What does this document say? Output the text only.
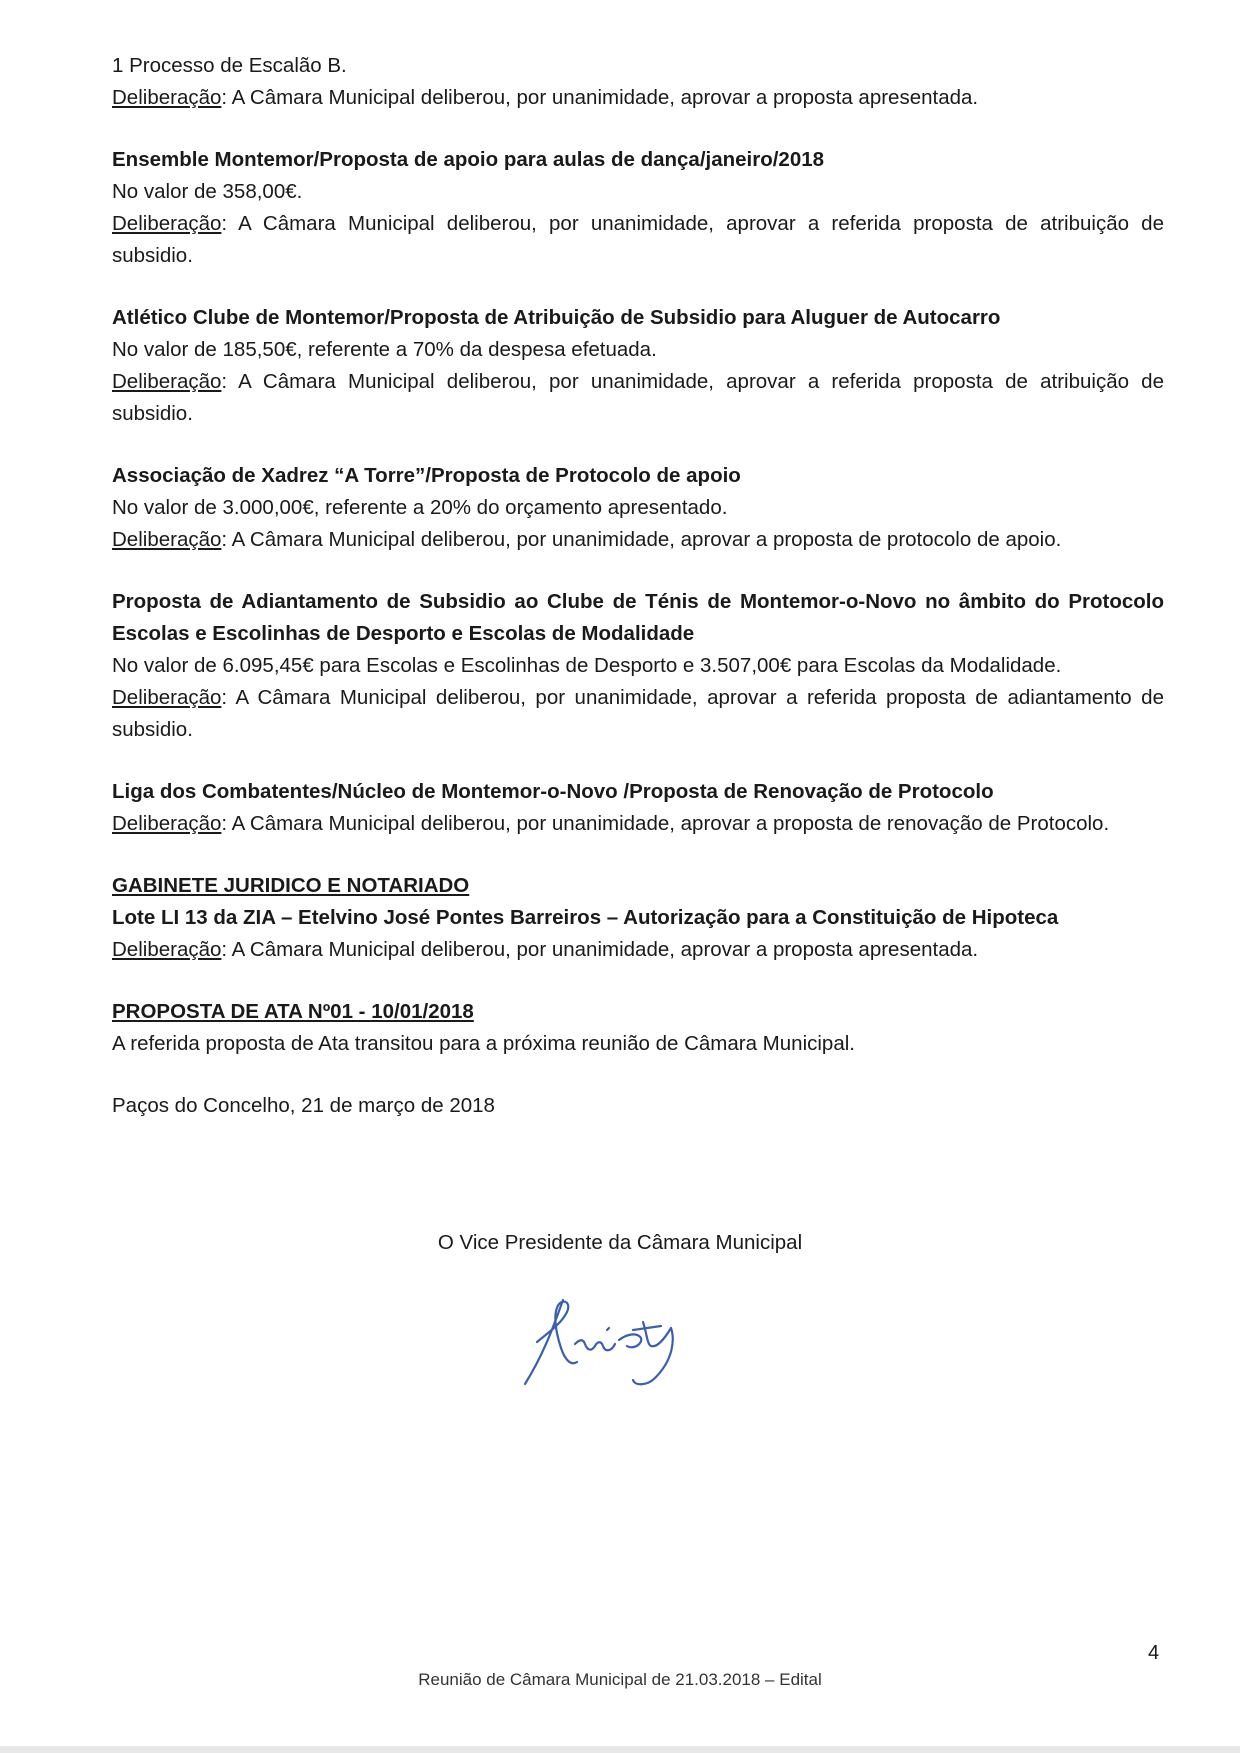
1 Processo de Escalão B.

Deliberação: A Câmara Municipal deliberou, por unanimidade, aprovar a proposta apresentada.

Ensemble Montemor/Proposta de apoio para aulas de dança/janeiro/2018

No valor de 358,00€.

Deliberação: A Câmara Municipal deliberou, por unanimidade, aprovar a referida proposta de atribuição de subsidio.

Atlético Clube de Montemor/Proposta de Atribuição de Subsidio para Aluguer de Autocarro

No valor de 185,50€, referente a 70% da despesa efetuada.

Deliberação: A Câmara Municipal deliberou, por unanimidade, aprovar a referida proposta de atribuição de subsidio.

Associação de Xadrez “A Torre”/Proposta de Protocolo de apoio

No valor de 3.000,00€, referente a 20% do orçamento apresentado.

Deliberação: A Câmara Municipal deliberou, por unanimidade, aprovar a proposta de protocolo de apoio.

Proposta de Adiantamento de Subsidio ao Clube de Ténis de Montemor-o-Novo no âmbito do Protocolo Escolas e Escolinhas de Desporto e Escolas de Modalidade

No valor de 6.095,45€ para Escolas e Escolinhas de Desporto e 3.507,00€ para Escolas da Modalidade.

Deliberação: A Câmara Municipal deliberou, por unanimidade, aprovar a referida proposta de adiantamento de subsidio.

Liga dos Combatentes/Núcleo de Montemor-o-Novo /Proposta de Renovação de Protocolo

Deliberação: A Câmara Municipal deliberou, por unanimidade, aprovar a proposta de renovação de Protocolo.

GABINETE JURIDICO E NOTARIADO

Lote LI 13 da ZIA – Etelvino José Pontes Barreiros – Autorização para a Constituição de Hipoteca

Deliberação: A Câmara Municipal deliberou, por unanimidade, aprovar a proposta apresentada.

PROPOSTA DE ATA Nº01 - 10/01/2018

A referida proposta de Ata transitou para a próxima reunião de Câmara Municipal.

Paços do Concelho, 21 de março de 2018

O Vice Presidente da Câmara Municipal
4
Reunião de Câmara Municipal de 21.03.2018 – Edital
